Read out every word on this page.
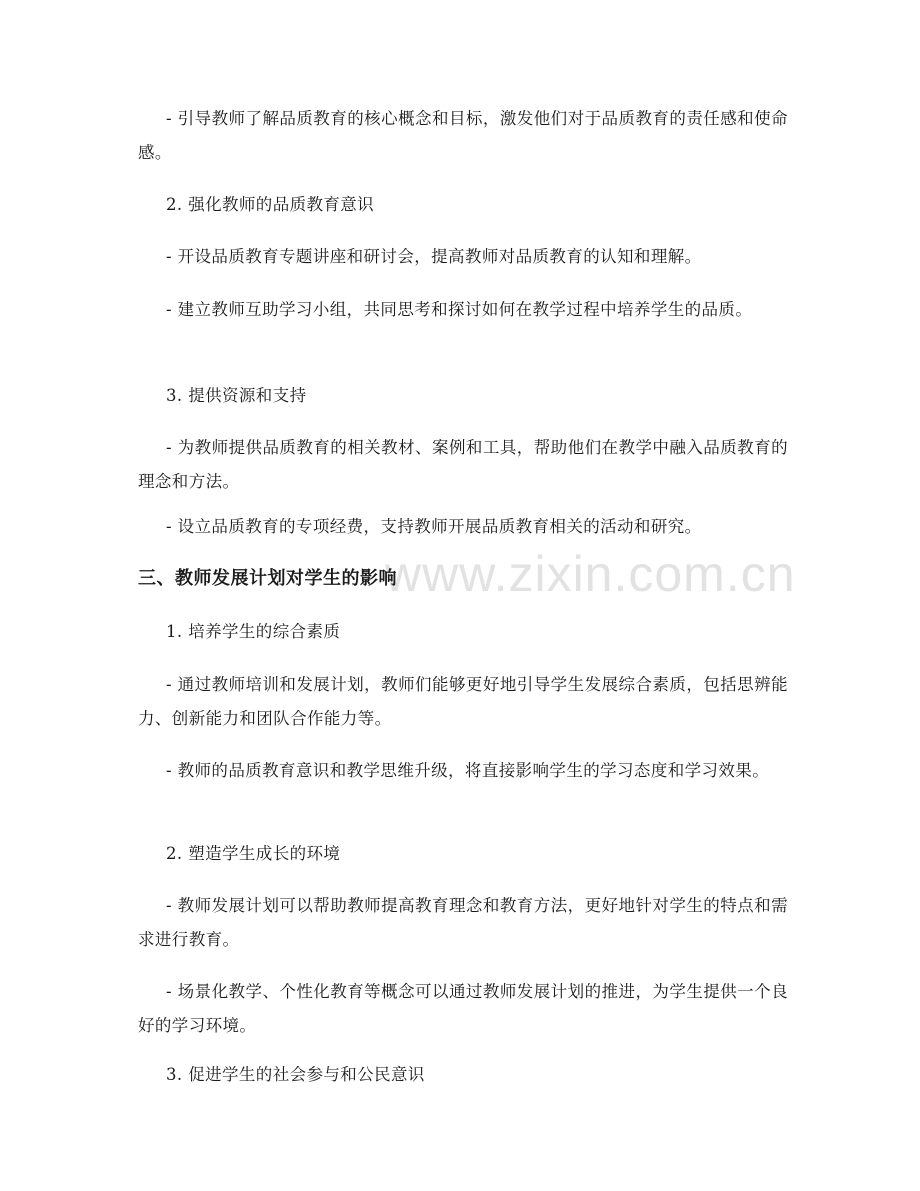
www.zixin.com.cn

- 引导教师了解品质教育的核心概念和目标，激发他们对于品质教育的责任感和使命感。

2. 强化教师的品质教育意识

- 开设品质教育专题讲座和研讨会，提高教师对品质教育的认知和理解。

- 建立教师互助学习小组，共同思考和探讨如何在教学过程中培养学生的品质。

3. 提供资源和支持

- 为教师提供品质教育的相关教材、案例和工具，帮助他们在教学中融入品质教育的理念和方法。

- 设立品质教育的专项经费，支持教师开展品质教育相关的活动和研究。

三、教师发展计划对学生的影响

1. 培养学生的综合素质

- 通过教师培训和发展计划，教师们能够更好地引导学生发展综合素质，包括思辨能力、创新能力和团队合作能力等。

- 教师的品质教育意识和教学思维升级，将直接影响学生的学习态度和学习效果。

2. 塑造学生成长的环境

- 教师发展计划可以帮助教师提高教育理念和教育方法，更好地针对学生的特点和需求进行教育。

- 场景化教学、个性化教育等概念可以通过教师发展计划的推进，为学生提供一个良好的学习环境。

3. 促进学生的社会参与和公民意识
